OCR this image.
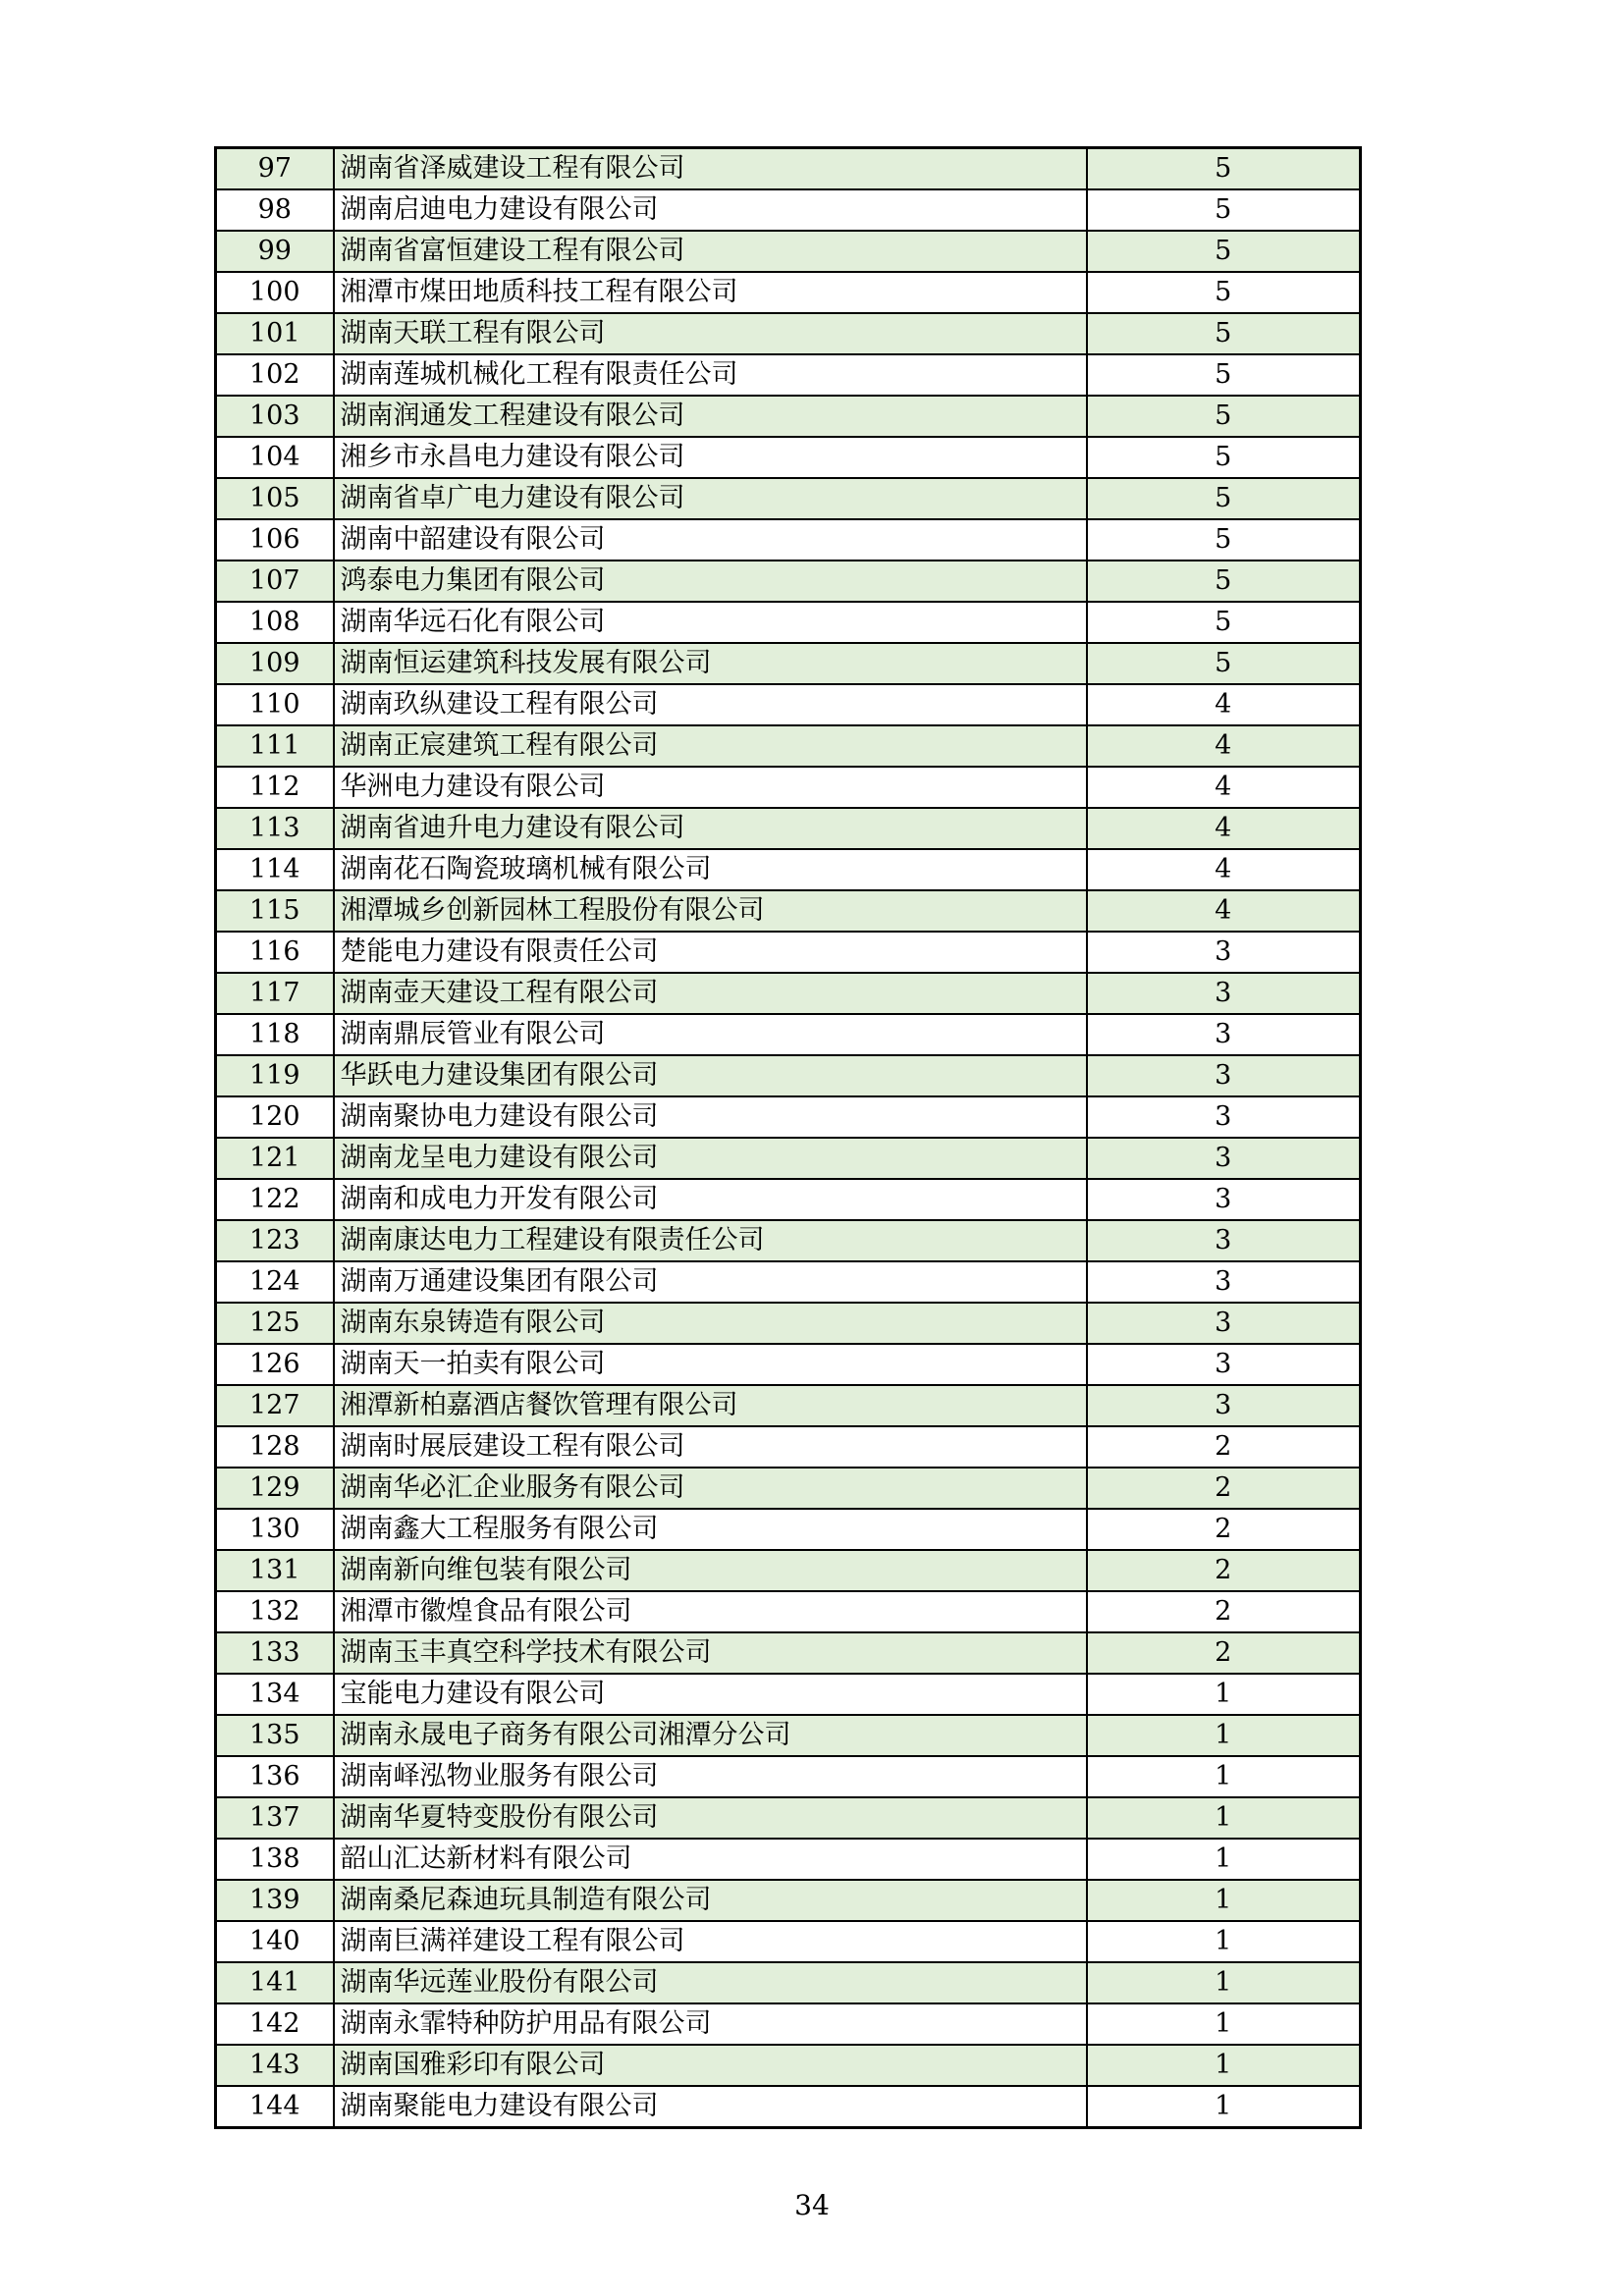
97	湖南省泽威建设工程有限公司	5
98	湖南启迪电力建设有限公司	5
99	湖南省富恒建设工程有限公司	5
100	湘潭市煤田地质科技工程有限公司	5
101	湖南天联工程有限公司	5
102	湖南莲城机械化工程有限责任公司	5
103	湖南润通发工程建设有限公司	5
104	湘乡市永昌电力建设有限公司	5
105	湖南省卓广电力建设有限公司	5
106	湖南中韶建设有限公司	5
107	鸿泰电力集团有限公司	5
108	湖南华远石化有限公司	5
109	湖南恒运建筑科技发展有限公司	5
110	湖南玖纵建设工程有限公司	4
111	湖南正宸建筑工程有限公司	4
112	华洲电力建设有限公司	4
113	湖南省迪升电力建设有限公司	4
114	湖南花石陶瓷玻璃机械有限公司	4
115	湘潭城乡创新园林工程股份有限公司	4
116	楚能电力建设有限责任公司	3
117	湖南壶天建设工程有限公司	3
118	湖南鼎辰管业有限公司	3
119	华跃电力建设集团有限公司	3
120	湖南聚协电力建设有限公司	3
121	湖南龙呈电力建设有限公司	3
122	湖南和成电力开发有限公司	3
123	湖南康达电力工程建设有限责任公司	3
124	湖南万通建设集团有限公司	3
125	湖南东泉铸造有限公司	3
126	湖南天一拍卖有限公司	3
127	湘潭新柏嘉酒店餐饮管理有限公司	3
128	湖南时展辰建设工程有限公司	2
129	湖南华必汇企业服务有限公司	2
130	湖南鑫大工程服务有限公司	2
131	湖南新向维包装有限公司	2
132	湘潭市徽煌食品有限公司	2
133	湖南玉丰真空科学技术有限公司	2
134	宝能电力建设有限公司	1
135	湖南永晟电子商务有限公司湘潭分公司	1
136	湖南峄泓物业服务有限公司	1
137	湖南华夏特变股份有限公司	1
138	韶山汇达新材料有限公司	1
139	湖南桑尼森迪玩具制造有限公司	1
140	湖南巨满祥建设工程有限公司	1
141	湖南华远莲业股份有限公司	1
142	湖南永霏特种防护用品有限公司	1
143	湖南国雅彩印有限公司	1
144	湖南聚能电力建设有限公司	1
34
